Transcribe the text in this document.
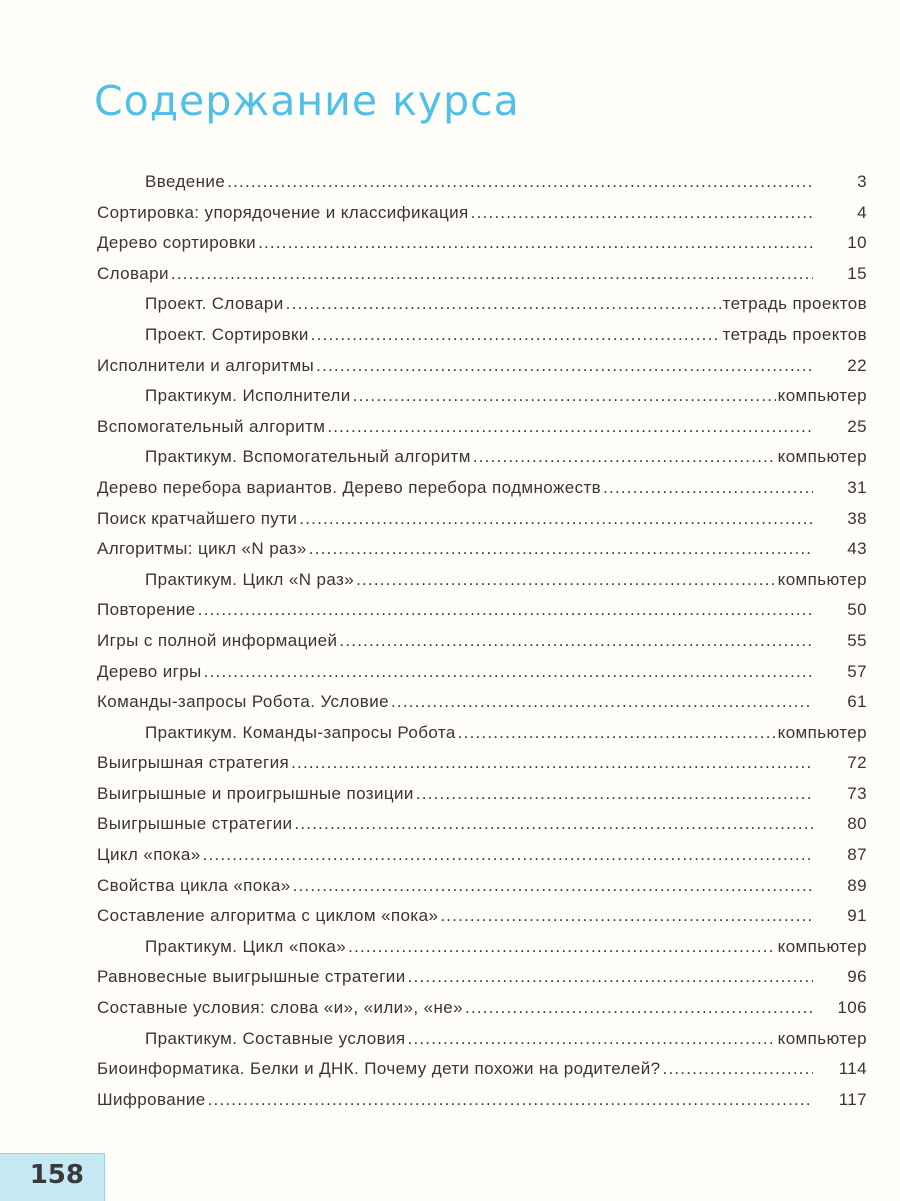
Содержание курса
Введение .....	3
Сортировка: упорядочение и классификация .....	4
Дерево сортировки .....	10
Словари .....	15
Проект. Словари .....	тетрадь проектов
Проект. Сортировки .....	тетрадь проектов
Исполнители и алгоритмы .....	22
Практикум. Исполнители .....	компьютер
Вспомогательный алгоритм .....	25
Практикум. Вспомогательный алгоритм .....	компьютер
Дерево перебора вариантов. Дерево перебора подмножеств .....	31
Поиск кратчайшего пути .....	38
Алгоритмы: цикл «N раз» .....	43
Практикум. Цикл «N раз» .....	компьютер
Повторение .....	50
Игры с полной информацией .....	55
Дерево игры .....	57
Команды-запросы Робота. Условие .....	61
Практикум. Команды-запросы Робота .....	компьютер
Выигрышная стратегия .....	72
Выигрышные и проигрышные позиции .....	73
Выигрышные стратегии .....	80
Цикл «пока» .....	87
Свойства цикла «пока» .....	89
Составление алгоритма с циклом «пока» .....	91
Практикум. Цикл «пока» .....	компьютер
Равновесные выигрышные стратегии .....	96
Составные условия: слова «и», «или», «не» .....	106
Практикум. Составные условия .....	компьютер
Биоинформатика. Белки и ДНК. Почему дети похожи на родителей? .....	114
Шифрование .....	117
158
